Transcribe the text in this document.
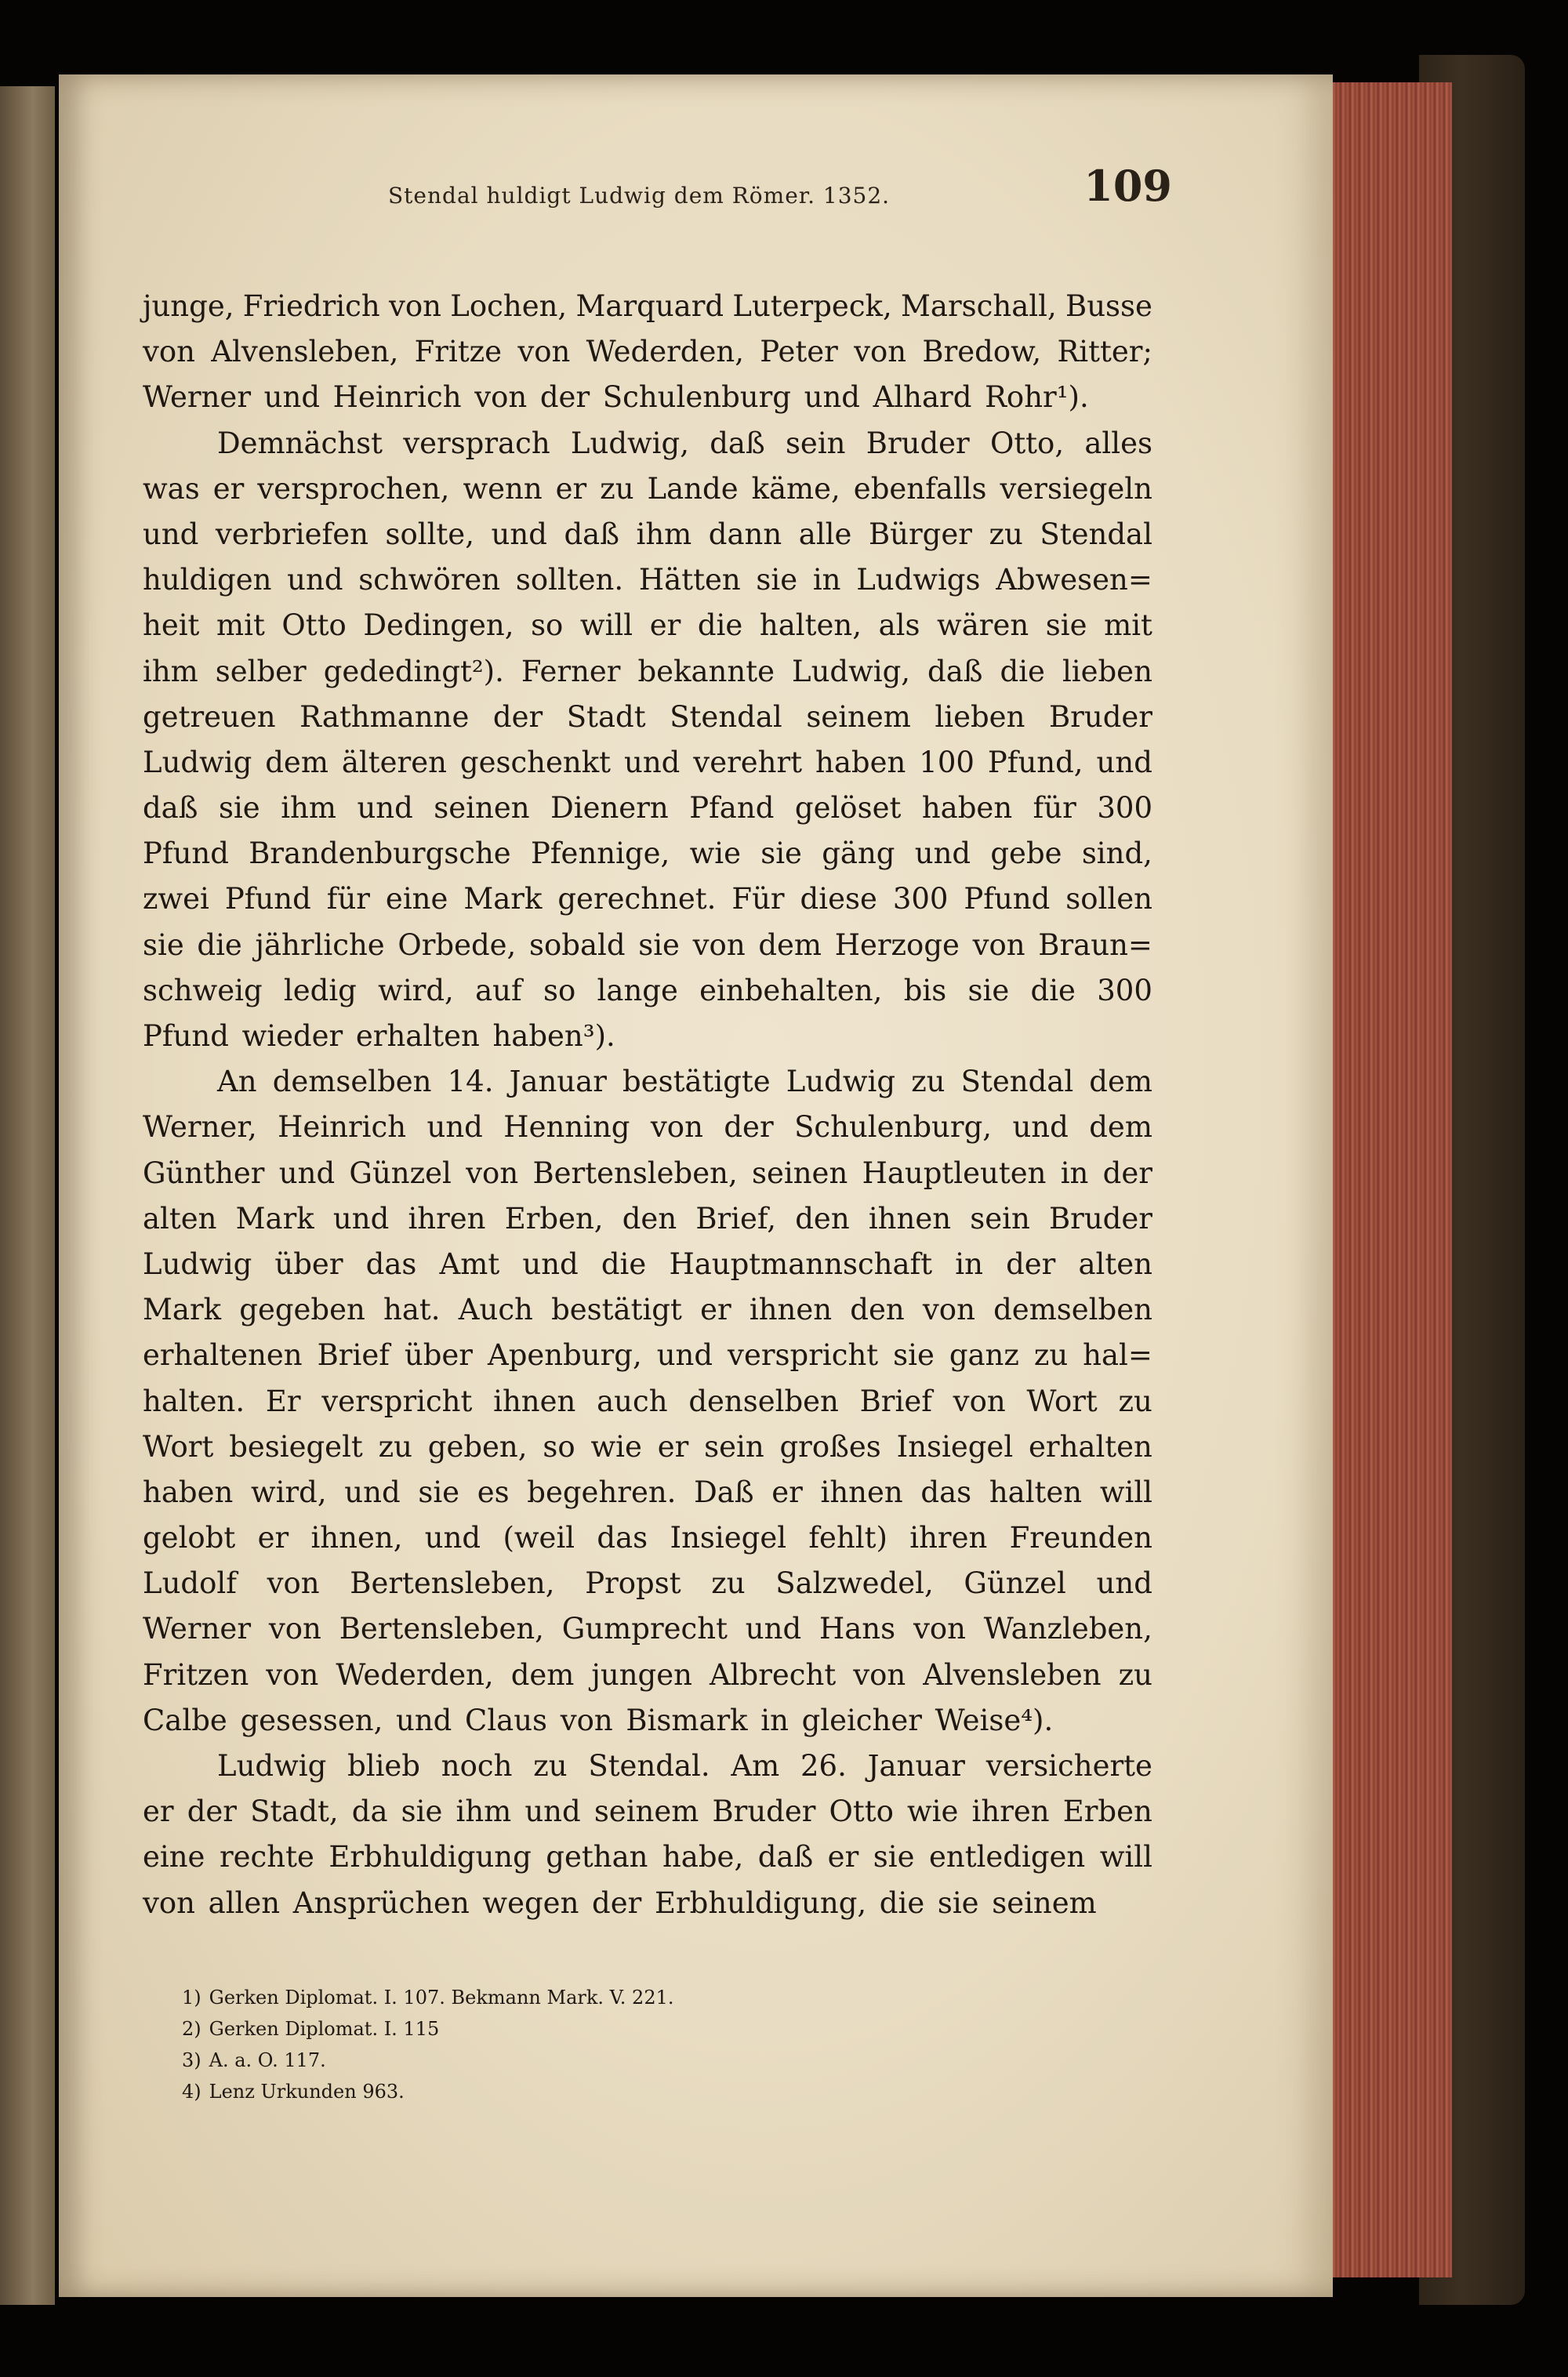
Stendal huldigt Ludwig dem Römer. 1352.	109
junge, Friedrich von Lochen, Marquard Luterpeck, Marschall, Busse
von Alvensleben, Fritze von Wederden, Peter von Bredow, Ritter;
Werner und Heinrich von der Schulenburg und Alhard Rohr¹).
Demnächst versprach Ludwig, daß sein Bruder Otto, alles
was er versprochen, wenn er zu Lande käme, ebenfalls versiegeln
und verbriefen sollte, und daß ihm dann alle Bürger zu Stendal
huldigen und schwören sollten. Hätten sie in Ludwigs Abwesen=
heit mit Otto Dedingen, so will er die halten, als wären sie mit
ihm selber gededingt²). Ferner bekannte Ludwig, daß die lieben
getreuen Rathmanne der Stadt Stendal seinem lieben Bruder
Ludwig dem älteren geschenkt und verehrt haben 100 Pfund, und
daß sie ihm und seinen Dienern Pfand gelöset haben für 300
Pfund Brandenburgsche Pfennige, wie sie gäng und gebe sind,
zwei Pfund für eine Mark gerechnet. Für diese 300 Pfund sollen
sie die jährliche Orbede, sobald sie von dem Herzoge von Braun=
schweig ledig wird, auf so lange einbehalten, bis sie die 300
Pfund wieder erhalten haben³).
An demselben 14. Januar bestätigte Ludwig zu Stendal dem
Werner, Heinrich und Henning von der Schulenburg, und dem
Günther und Günzel von Bertensleben, seinen Hauptleuten in der
alten Mark und ihren Erben, den Brief, den ihnen sein Bruder
Ludwig über das Amt und die Hauptmannschaft in der alten
Mark gegeben hat. Auch bestätigt er ihnen den von demselben
erhaltenen Brief über Apenburg, und verspricht sie ganz zu hal=
halten. Er verspricht ihnen auch denselben Brief von Wort zu
Wort besiegelt zu geben, so wie er sein großes Insiegel erhalten
haben wird, und sie es begehren. Daß er ihnen das halten will
gelobt er ihnen, und (weil das Insiegel fehlt) ihren Freunden
Ludolf von Bertensleben, Propst zu Salzwedel, Günzel und
Werner von Bertensleben, Gumprecht und Hans von Wanzleben,
Fritzen von Wederden, dem jungen Albrecht von Alvensleben zu
Calbe gesessen, und Claus von Bismark in gleicher Weise⁴).
Ludwig blieb noch zu Stendal. Am 26. Januar versicherte
er der Stadt, da sie ihm und seinem Bruder Otto wie ihren Erben
eine rechte Erbhuldigung gethan habe, daß er sie entledigen will
von allen Ansprüchen wegen der Erbhuldigung, die sie seinem
1) Gerken Diplomat. I. 107. Bekmann Mark. V. 221.
2) Gerken Diplomat. I. 115
3) A. a. O. 117.
4) Lenz Urkunden 963.
